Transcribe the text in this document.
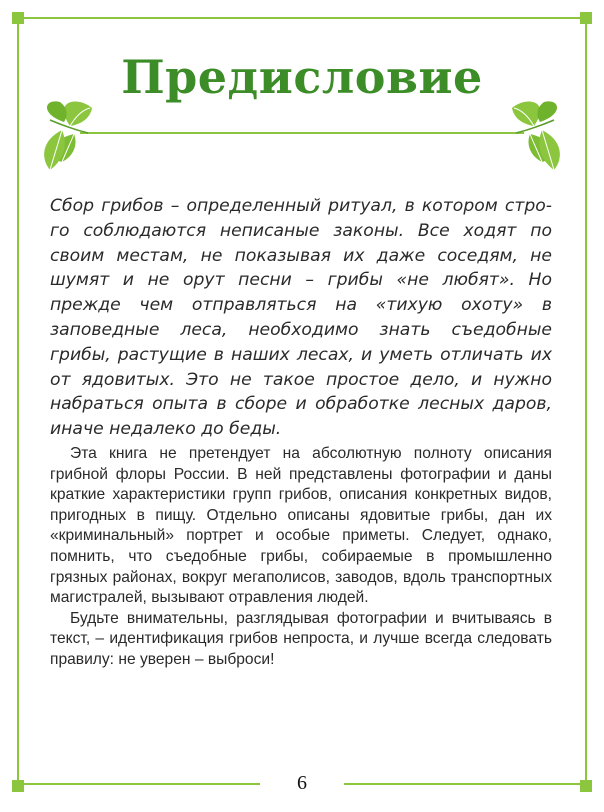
Предисловие

Сбор грибов – определенный ритуал, в котором стро-го соблюдаются неписаные законы. Все ходят по своим местам, не показывая их даже соседям, не шумят и не орут песни – грибы «не любят». Но прежде чем отправляться на «тихую охоту» в заповедные леса, необходимо знать съедобные грибы, растущие в наших лесах, и уметь отличать их от ядовитых. Это не такое простое дело, и нужно набраться опыта в сборе и обработке лесных даров, иначе недалеко до беды.

Эта книга не претендует на абсолютную полноту описания грибной флоры России. В ней представлены фотографии и даны краткие характеристики групп грибов, описания конкретных видов, пригодных в пищу. Отдельно описаны ядовитые грибы, дан их «криминальный» портрет и особые приметы. Следует, однако, помнить, что съедобные грибы, собираемые в промышленно грязных районах, вокруг мегаполисов, заводов, вдоль транспортных магистралей, вызывают отравления людей.

Будьте внимательны, разглядывая фотографии и вчитываясь в текст, – идентификация грибов непроста, и лучше всегда следовать правилу: не уверен – выброси!

6
